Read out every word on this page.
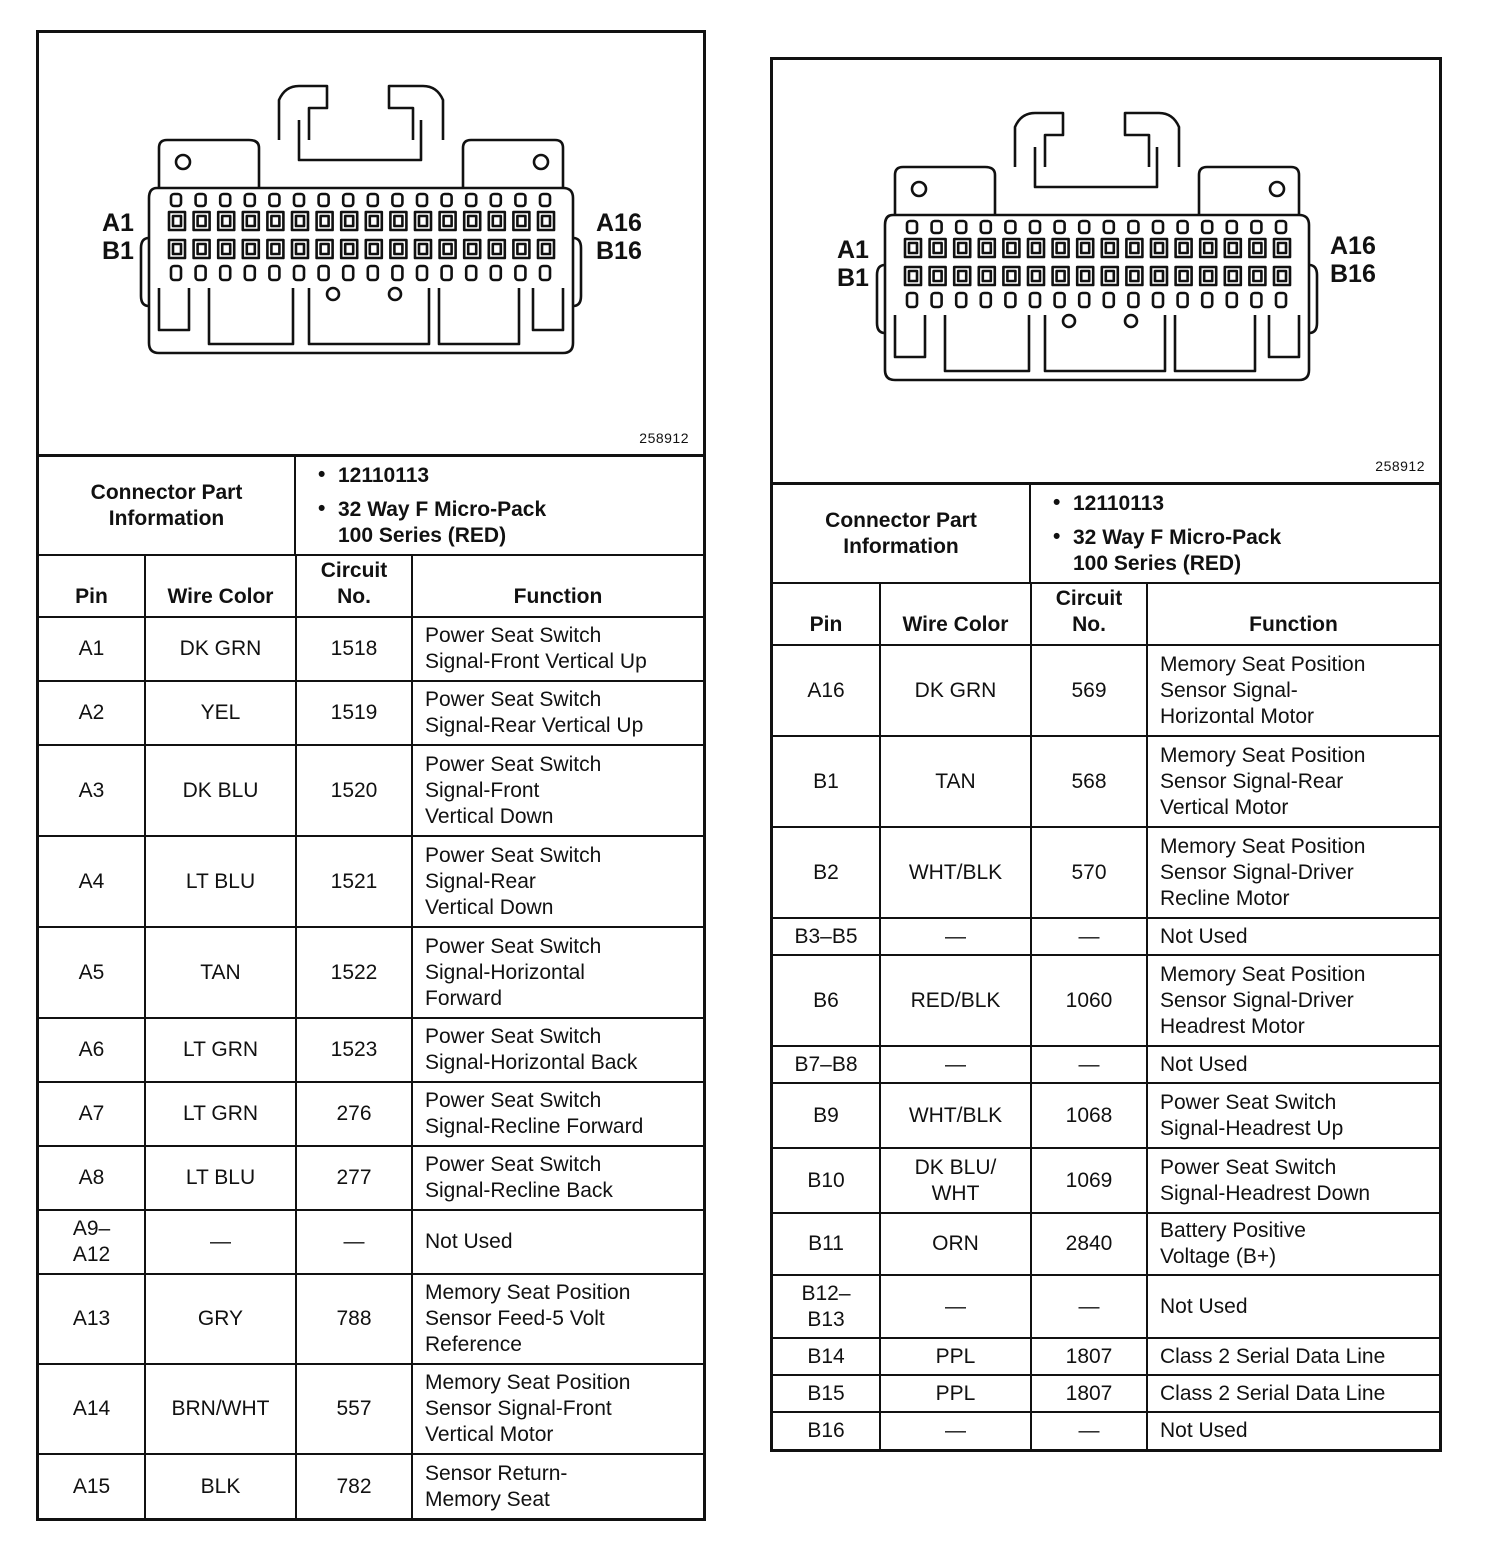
A1
B1
A16
B16
258912
Connector Part Information	
• 12110113
• 32 Way F Micro-Pack
100 Series (RED)
Pin	Wire Color	Circuit
No.	Function
A1	DK GRN	1518	Power Seat Switch
Signal-Front Vertical Up
A2	YEL	1519	Power Seat Switch
Signal-Rear Vertical Up
A3	DK BLU	1520	Power Seat Switch
Signal-Front
Vertical Down
A4	LT BLU	1521	Power Seat Switch
Signal-Rear
Vertical Down
A5	TAN	1522	Power Seat Switch
Signal-Horizontal
Forward
A6	LT GRN	1523	Power Seat Switch
Signal-Horizontal Back
A7	LT GRN	276	Power Seat Switch
Signal-Recline Forward
A8	LT BLU	277	Power Seat Switch
Signal-Recline Back
A9–
A12	—	—	Not Used
A13	GRY	788	Memory Seat Position
Sensor Feed-5 Volt
Reference
A14	BRN/WHT	557	Memory Seat Position
Sensor Signal-Front
Vertical Motor
A15	BLK	782	Sensor Return-
Memory Seat
A1
B1
A16
B16
258912
Connector Part Information	
• 12110113
• 32 Way F Micro-Pack
100 Series (RED)
Pin	Wire Color	Circuit
No.	Function
A16	DK GRN	569	Memory Seat Position
Sensor Signal-
Horizontal Motor
B1	TAN	568	Memory Seat Position
Sensor Signal-Rear
Vertical Motor
B2	WHT/BLK	570	Memory Seat Position
Sensor Signal-Driver
Recline Motor
B3–B5	—	—	Not Used
B6	RED/BLK	1060	Memory Seat Position
Sensor Signal-Driver
Headrest Motor
B7–B8	—	—	Not Used
B9	WHT/BLK	1068	Power Seat Switch
Signal-Headrest Up
B10	DK BLU/
WHT	1069	Power Seat Switch
Signal-Headrest Down
B11	ORN	2840	Battery Positive
Voltage (B+)
B12–
B13	—	—	Not Used
B14	PPL	1807	Class 2 Serial Data Line
B15	PPL	1807	Class 2 Serial Data Line
B16	—	—	Not Used
